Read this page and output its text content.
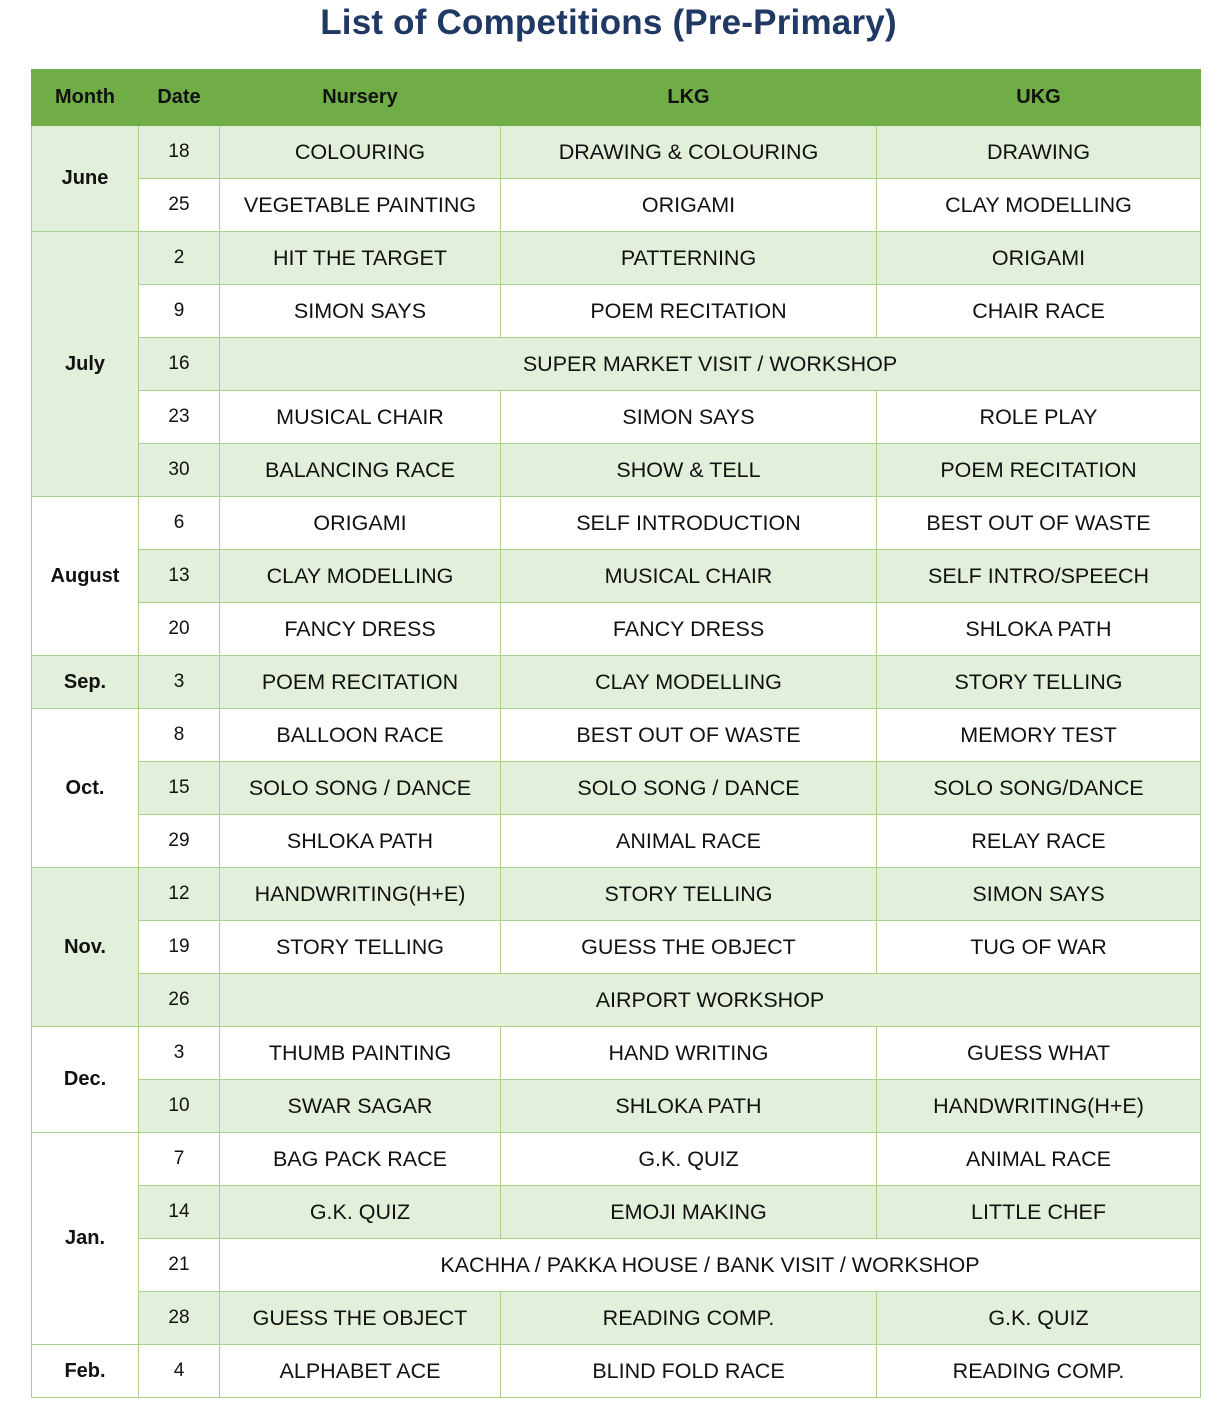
List of Competitions (Pre-Primary)
Month	Date	Nursery	LKG	UKG
June	18	COLOURING	DRAWING & COLOURING	DRAWING
	25	VEGETABLE PAINTING	ORIGAMI	CLAY MODELLING
July	2	HIT THE TARGET	PATTERNING	ORIGAMI
	9	SIMON SAYS	POEM RECITATION	CHAIR RACE
	16	SUPER MARKET VISIT / WORKSHOP		
	23	MUSICAL CHAIR	SIMON SAYS	ROLE PLAY
	30	BALANCING RACE	SHOW & TELL	POEM RECITATION
August	6	ORIGAMI	SELF INTRODUCTION	BEST OUT OF WASTE
	13	CLAY MODELLING	MUSICAL CHAIR	SELF INTRO/SPEECH
	20	FANCY DRESS	FANCY DRESS	SHLOKA PATH
Sep.	3	POEM RECITATION	CLAY MODELLING	STORY TELLING
Oct.	8	BALLOON RACE	BEST OUT OF WASTE	MEMORY TEST
	15	SOLO SONG / DANCE	SOLO SONG / DANCE	SOLO SONG/DANCE
	29	SHLOKA PATH	ANIMAL RACE	RELAY RACE
Nov.	12	HANDWRITING(H+E)	STORY TELLING	SIMON SAYS
	19	STORY TELLING	GUESS THE OBJECT	TUG OF WAR
	26	AIRPORT WORKSHOP		
Dec.	3	THUMB PAINTING	HAND WRITING	GUESS WHAT
	10	SWAR SAGAR	SHLOKA PATH	HANDWRITING(H+E)
Jan.	7	BAG PACK RACE	G.K. QUIZ	ANIMAL RACE
	14	G.K. QUIZ	EMOJI MAKING	LITTLE CHEF
	21	KACHHA / PAKKA HOUSE / BANK VISIT / WORKSHOP		
	28	GUESS THE OBJECT	READING COMP.	G.K. QUIZ
Feb.	4	ALPHABET ACE	BLIND FOLD RACE	READING COMP.
